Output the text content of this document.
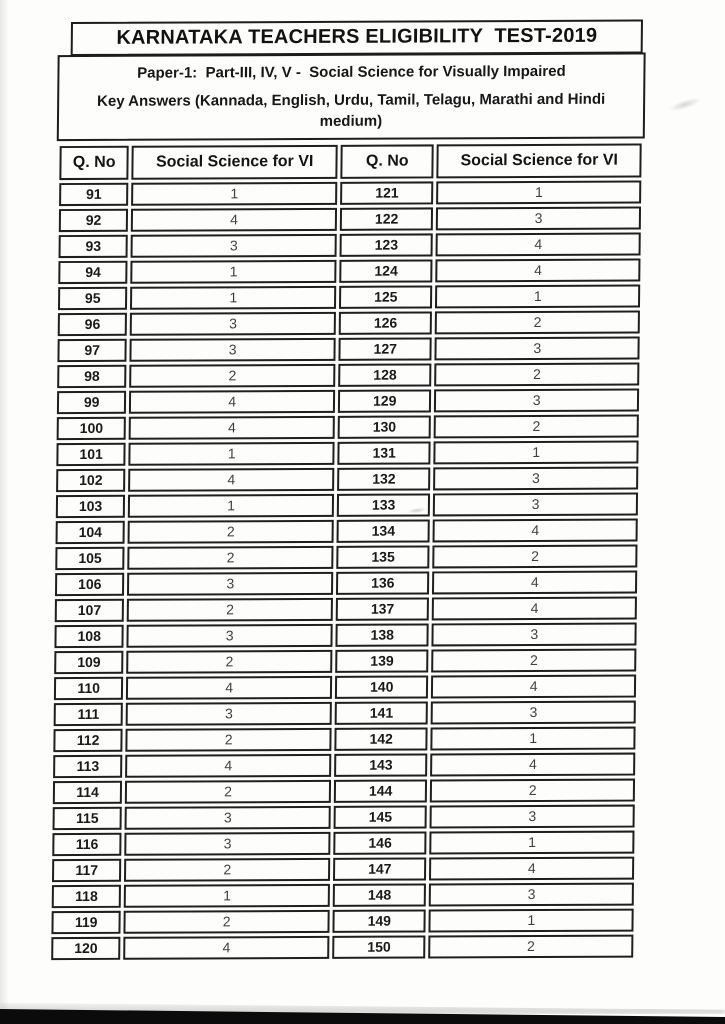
KARNATAKA TEACHERS ELIGIBILITY  TEST-2019

Paper-1:  Part-III, IV, V -  Social Science for Visually Impaired

Key Answers (Kannada, English, Urdu, Tamil, Telagu, Marathi and Hindi medium)

Q. No	Social Science for VI	Q. No	Social Science for VI
91	1	121	1
92	4	122	3
93	3	123	4
94	1	124	4
95	1	125	1
96	3	126	2
97	3	127	3
98	2	128	2
99	4	129	3
100	4	130	2
101	1	131	1
102	4	132	3
103	1	133	3
104	2	134	4
105	2	135	2
106	3	136	4
107	2	137	4
108	3	138	3
109	2	139	2
110	4	140	4
111	3	141	3
112	2	142	1
113	4	143	4
114	2	144	2
115	3	145	3
116	3	146	1
117	2	147	4
118	1	148	3
119	2	149	1
120	4	150	2
